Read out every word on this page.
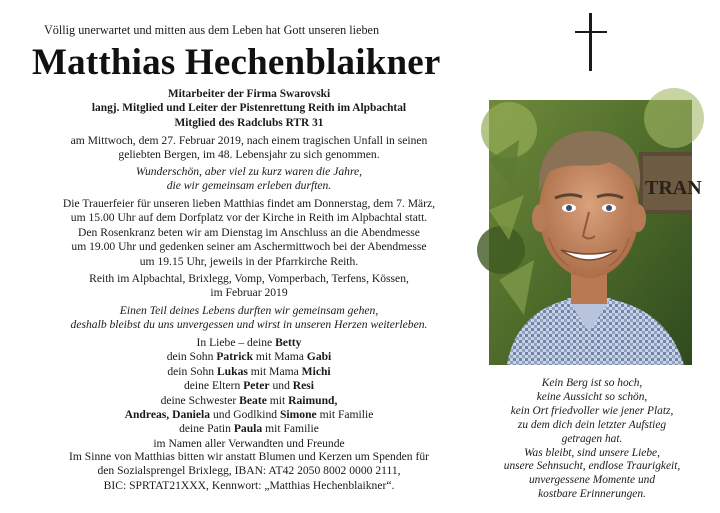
Völlig unerwartet und mitten aus dem Leben hat Gott unseren lieben
Matthias Hechenblaikner
Mitarbeiter der Firma Swarovski
langj. Mitglied und Leiter der Pistenrettung Reith im Alpbachtal
Mitglied des Radclubs RTR 31
am Mittwoch, dem 27. Februar 2019, nach einem tragischen Unfall in seinen
geliebten Bergen, im 48. Lebensjahr zu sich genommen.
Wunderschön, aber viel zu kurz waren die Jahre,
die wir gemeinsam erleben durften.
Die Trauerfeier für unseren lieben Matthias findet am Donnerstag, dem 7. März,
um 15.00 Uhr auf dem Dorfplatz vor der Kirche in Reith im Alpbachtal statt.
Den Rosenkranz beten wir am Dienstag im Anschluss an die Abendmesse
um 19.00 Uhr und gedenken seiner am Aschermittwoch bei der Abendmesse
um 19.15 Uhr, jeweils in der Pfarrkirche Reith.
Reith im Alpbachtal, Brixlegg, Vomp, Vomperbach, Terfens, Kössen,
im Februar 2019
Einen Teil deines Lebens durften wir gemeinsam gehen,
deshalb bleibst du uns unvergessen und wirst in unseren Herzen weiterleben.
In Liebe – deine Betty
dein Sohn Patrick mit Mama Gabi
dein Sohn Lukas mit Mama Michi
deine Eltern Peter und Resi
deine Schwester Beate mit Raimund,
Andreas, Daniela und Godlkind Simone mit Familie
deine Patin Paula mit Familie
im Namen aller Verwandten und Freunde
Im Sinne von Matthias bitten wir anstatt Blumen und Kerzen um Spenden für
den Sozialsprengel Brixlegg, IBAN: AT42 2050 8002 0000 2111,
BIC: SPRTAT21XXX, Kennwort: „Matthias Hechenblaikner“.
TRAN
Kein Berg ist so hoch,
keine Aussicht so schön,
kein Ort friedvoller wie jener Platz,
zu dem dich dein letzter Aufstieg
getragen hat.
Was bleibt, sind unsere Liebe,
unsere Sehnsucht, endlose Traurigkeit,
unvergessene Momente und
kostbare Erinnerungen.
